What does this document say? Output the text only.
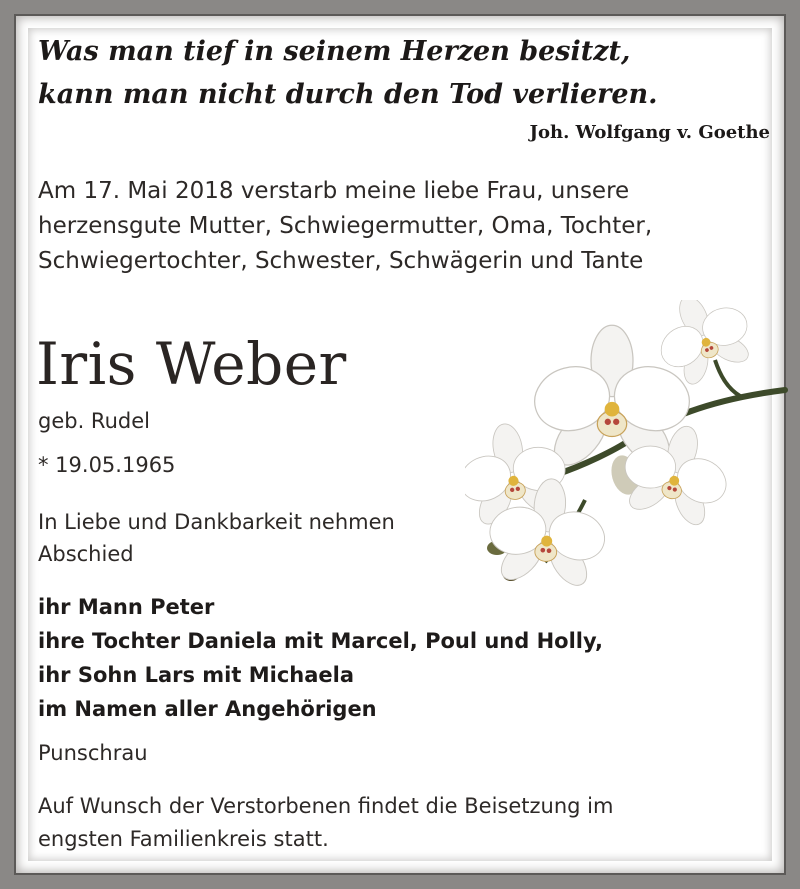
Was man tief in seinem Herzen besitzt,
kann man nicht durch den Tod verlieren.
Joh. Wolfgang v. Goethe
Am 17. Mai 2018 verstarb meine liebe Frau, unsere
herzensgute Mutter, Schwiegermutter, Oma, Tochter,
Schwiegertochter, Schwester, Schwägerin und Tante
Iris Weber
geb. Rudel
* 19.05.1965
In Liebe und Dankbarkeit nehmen
Abschied
ihr Mann Peter
ihre Tochter Daniela mit Marcel, Poul und Holly,
ihr Sohn Lars mit Michaela
im Namen aller Angehörigen
Punschrau
Auf Wunsch der Verstorbenen findet die Beisetzung im
engsten Familienkreis statt.
